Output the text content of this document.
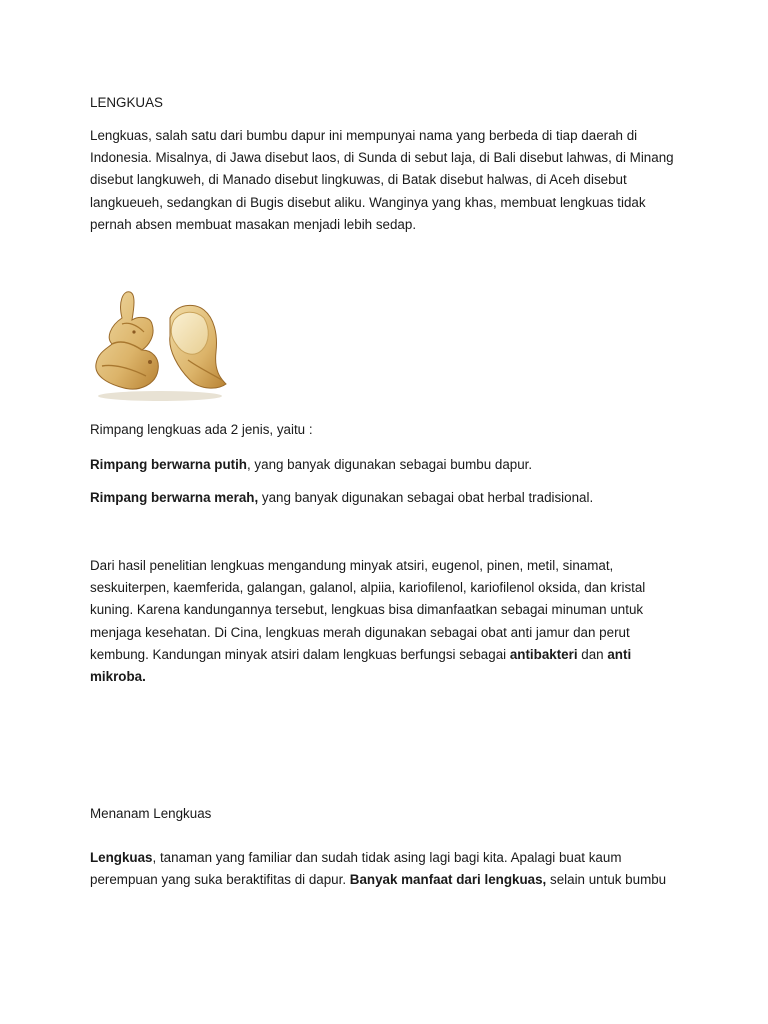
LENGKUAS

Lengkuas, salah satu dari bumbu dapur ini mempunyai nama yang berbeda di tiap daerah di Indonesia. Misalnya, di Jawa disebut laos, di Sunda di sebut laja, di Bali disebut lahwas, di Minang disebut langkuweh, di Manado disebut lingkuwas, di Batak disebut halwas, di Aceh disebut langkueueh, sedangkan di Bugis disebut aliku. Wanginya yang khas, membuat lengkuas tidak pernah absen membuat masakan menjadi lebih sedap.

Rimpang lengkuas ada 2 jenis, yaitu :

Rimpang berwarna putih, yang banyak digunakan sebagai bumbu dapur.

Rimpang berwarna merah, yang banyak digunakan sebagai obat herbal tradisional.

Dari hasil penelitian lengkuas mengandung minyak atsiri, eugenol, pinen, metil, sinamat, seskuiterpen, kaemferida, galangan, galanol, alpiia, kariofilenol, kariofilenol oksida, dan kristal kuning. Karena kandungannya tersebut, lengkuas bisa dimanfaatkan sebagai minuman untuk menjaga kesehatan. Di Cina, lengkuas merah digunakan sebagai obat anti jamur dan perut kembung. Kandungan minyak atsiri dalam lengkuas berfungsi sebagai antibakteri dan anti mikroba.

Menanam Lengkuas

Lengkuas, tanaman yang familiar dan sudah tidak asing lagi bagi kita. Apalagi buat kaum perempuan yang suka beraktifitas di dapur. Banyak manfaat dari lengkuas, selain untuk bumbu
